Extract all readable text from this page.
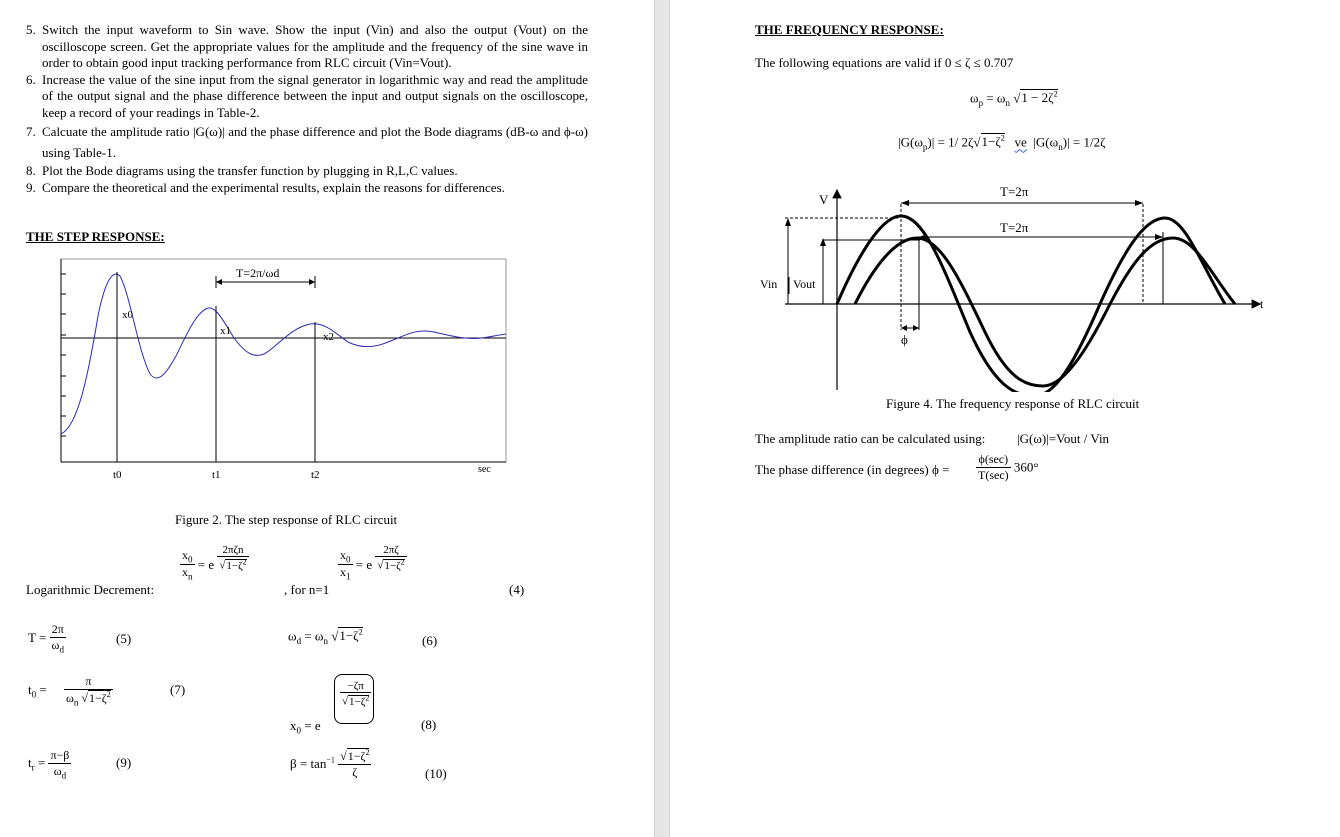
5. Switch the input waveform to Sin wave. Show the input (Vin) and also the output (Vout) on the oscilloscope screen. Get the appropriate values for the amplitude and the frequency of the sine wave in order to obtain good input tracking performance from RLC circuit (Vin=Vout).
6. Increase the value of the sine input from the signal generator in logarithmic way and read the amplitude of the output signal and the phase difference between the input and output signals on the oscilloscope, keep a record of your readings in Table-2.
7. Calcuate the amplitude ratio |G(ω)| and the phase difference and plot the Bode diagrams (dB-ω and ϕ-ω) using Table-1.
8. Plot the Bode diagrams using the transfer function by plugging in R,L,C values.
9. Compare the theoretical and the experimental results, explain the reasons for differences.
THE STEP RESPONSE:
T=2π/ωd
x0
x1	x2
t0	t1	t2	sec
Figure 2. The step response of RLC circuit
Logarithmic Decrement:
$\frac{x_0}{x_n} = e \frac{\text{2πζn}}{√1-\zeta^2}$
, for n=1
$\frac{x_0}{x_1} = e \frac{2\pi\zeta}{√1-\zeta^2}$
(4)
$T = \frac{2\pi}{\omega_d}$	(5)	$\omega_d = \omega_n$ $√1-\zeta^2$
(6)
$t_0 = \frac{\pi}{\omega_n √1-\zeta^2}$	(7)
$x_0 = e$
$\frac{-\zeta\pi}{√1-\zeta^2}$
(8)
$t_r = \frac{\pi-\beta}{\omega_d}$	(9)	$\beta = \tan^{-1} \frac{√1-\zeta^2}{\zeta}$	(10)
THE FREQUENCY RESPONSE:
The following equations are valid if 0 ≤ ζ ≤ 0.707
$\omega_p = \omega_n$ $√1 - 2\zeta^2$
$|G(\omega_p)| = 1/$ $2\zeta√1-\zeta^2$ ve  $|G(\omega_n)| = 1/2\zeta$
V
t
Vin Vout
T=2π
T=2π
ϕ
Figure 4. The frequency response of RLC circuit
The amplitude ratio can be calculated using: |G(ω)|=Vout / Vin
The phase difference (in degrees) $\phi = \frac{\phi(\sec)}{T(\sec)} 360^\circ$
